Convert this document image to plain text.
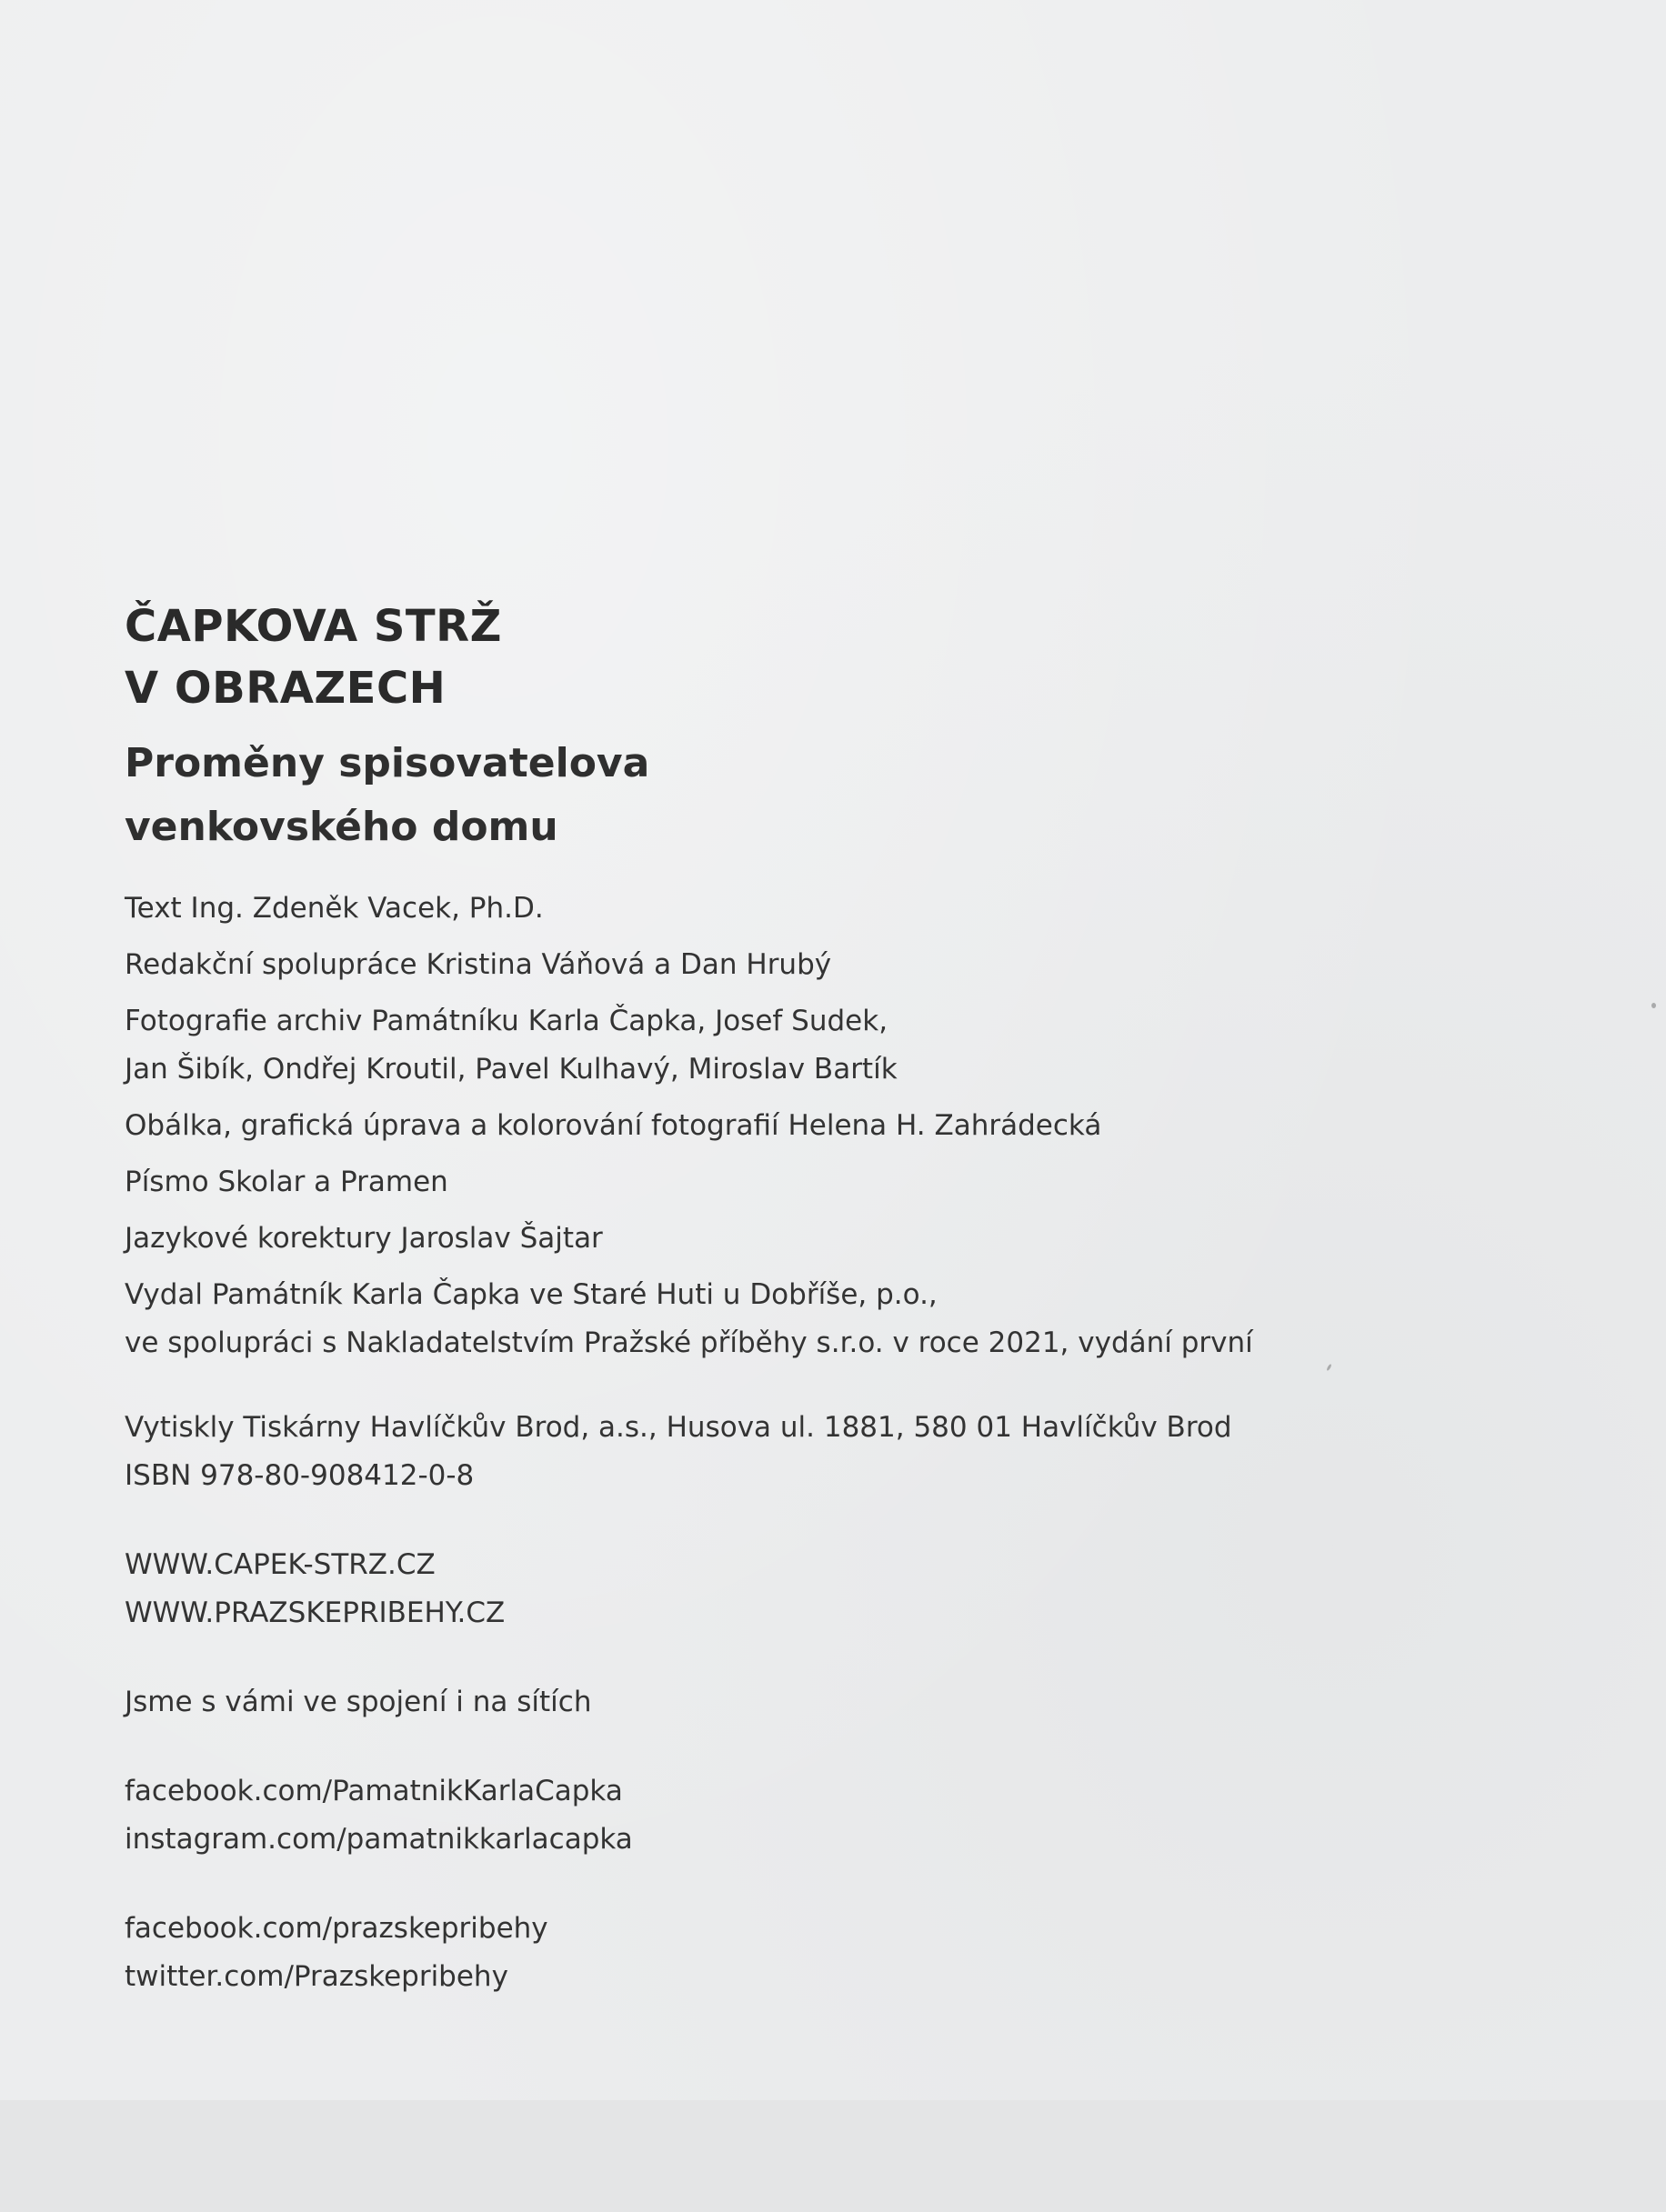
ČAPKOVA STRŽ

V OBRAZECH

Proměny spisovatelova

venkovského domu

Text Ing. Zdeněk Vacek, Ph.D.

Redakční spolupráce Kristina Váňová a Dan Hrubý

Fotografie archiv Památníku Karla Čapka, Josef Sudek,

Jan Šibík, Ondřej Kroutil, Pavel Kulhavý, Miroslav Bartík

Obálka, grafická úprava a kolorování fotografií Helena H. Zahrádecká

Písmo Skolar a Pramen

Jazykové korektury Jaroslav Šajtar

Vydal Památník Karla Čapka ve Staré Huti u Dobříše, p.o.,

ve spolupráci s Nakladatelstvím Pražské příběhy s.r.o. v roce 2021, vydání první

Vytiskly Tiskárny Havlíčkův Brod, a.s., Husova ul. 1881, 580 01 Havlíčkův Brod

ISBN 978-80-908412-0-8

WWW.CAPEK-STRZ.CZ

WWW.PRAZSKEPRIBEHY.CZ

Jsme s vámi ve spojení i na sítích

facebook.com/PamatnikKarlaCapka

instagram.com/pamatnikkarlacapka

facebook.com/prazskepribehy

twitter.com/Prazskepribehy
